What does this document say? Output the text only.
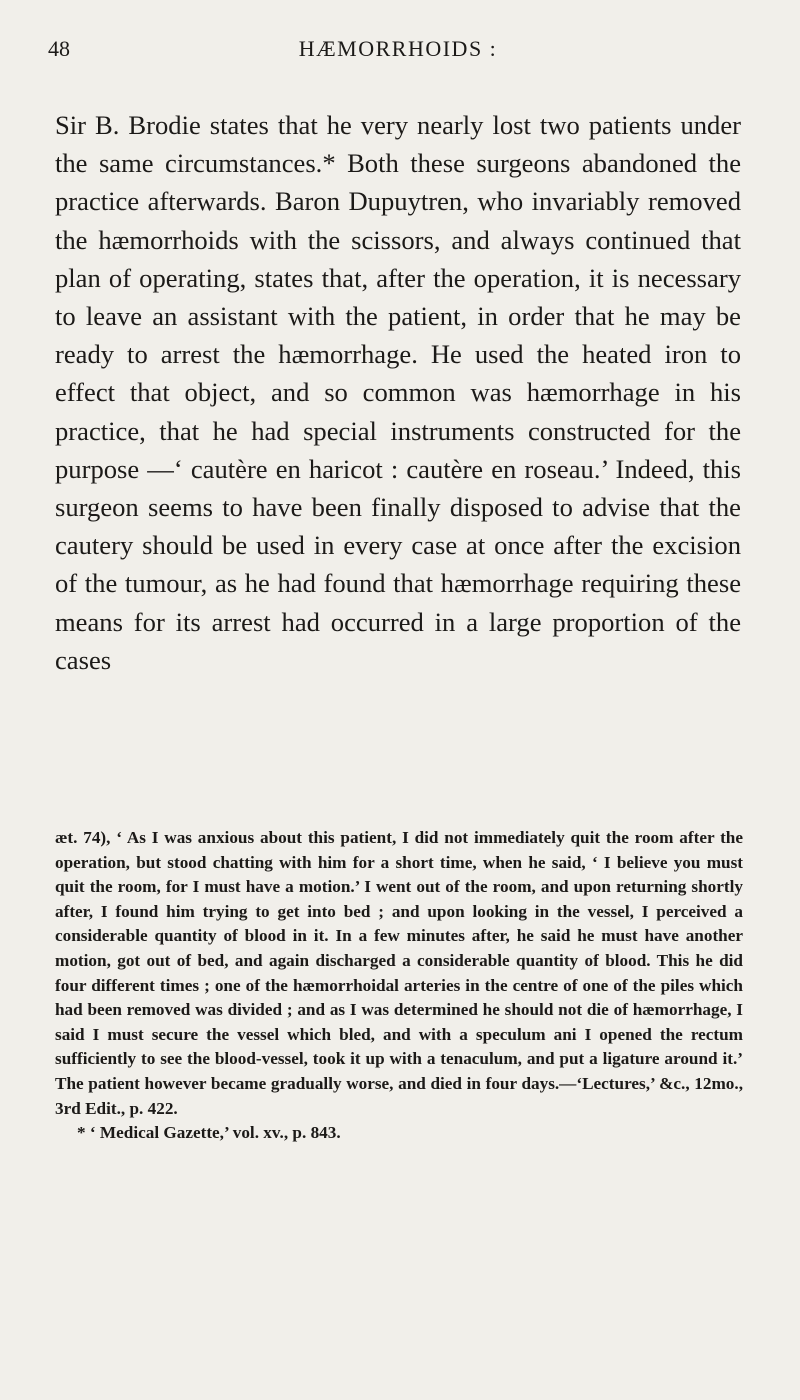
48	HÆMORRHOIDS :

Sir B. Brodie states that he very nearly lost two patients under the same circumstances.* Both these surgeons abandoned the practice afterwards. Baron Dupuytren, who invariably removed the hæmorrhoids with the scissors, and always continued that plan of operating, states that, after the operation, it is necessary to leave an assistant with the patient, in order that he may be ready to arrest the hæmorrhage. He used the heated iron to effect that object, and so common was hæmorrhage in his practice, that he had special instruments constructed for the purpose —‘ cautère en haricot : cautère en roseau.’ Indeed, this surgeon seems to have been finally disposed to advise that the cautery should be used in every case at once after the excision of the tumour, as he had found that hæmorrhage requiring these means for its arrest had occurred in a large proportion of the cases

æt. 74), ‘ As I was anxious about this patient, I did not immediately quit the room after the operation, but stood chatting with him for a short time, when he said, ‘ I believe you must quit the room, for I must have a motion.’ I went out of the room, and upon returning shortly after, I found him trying to get into bed ; and upon looking in the vessel, I perceived a considerable quantity of blood in it. In a few minutes after, he said he must have another motion, got out of bed, and again discharged a considerable quantity of blood. This he did four different times ; one of the hæmorrhoidal arteries in the centre of one of the piles which had been removed was divided ; and as I was determined he should not die of hæmorrhage, I said I must secure the vessel which bled, and with a speculum ani I opened the rectum sufficiently to see the blood-vessel, took it up with a tenaculum, and put a ligature around it.’ The patient however became gradually worse, and died in four days.—‘Lectures,’ &c., 12mo., 3rd Edit., p. 422.

* ‘ Medical Gazette,’ vol. xv., p. 843.
